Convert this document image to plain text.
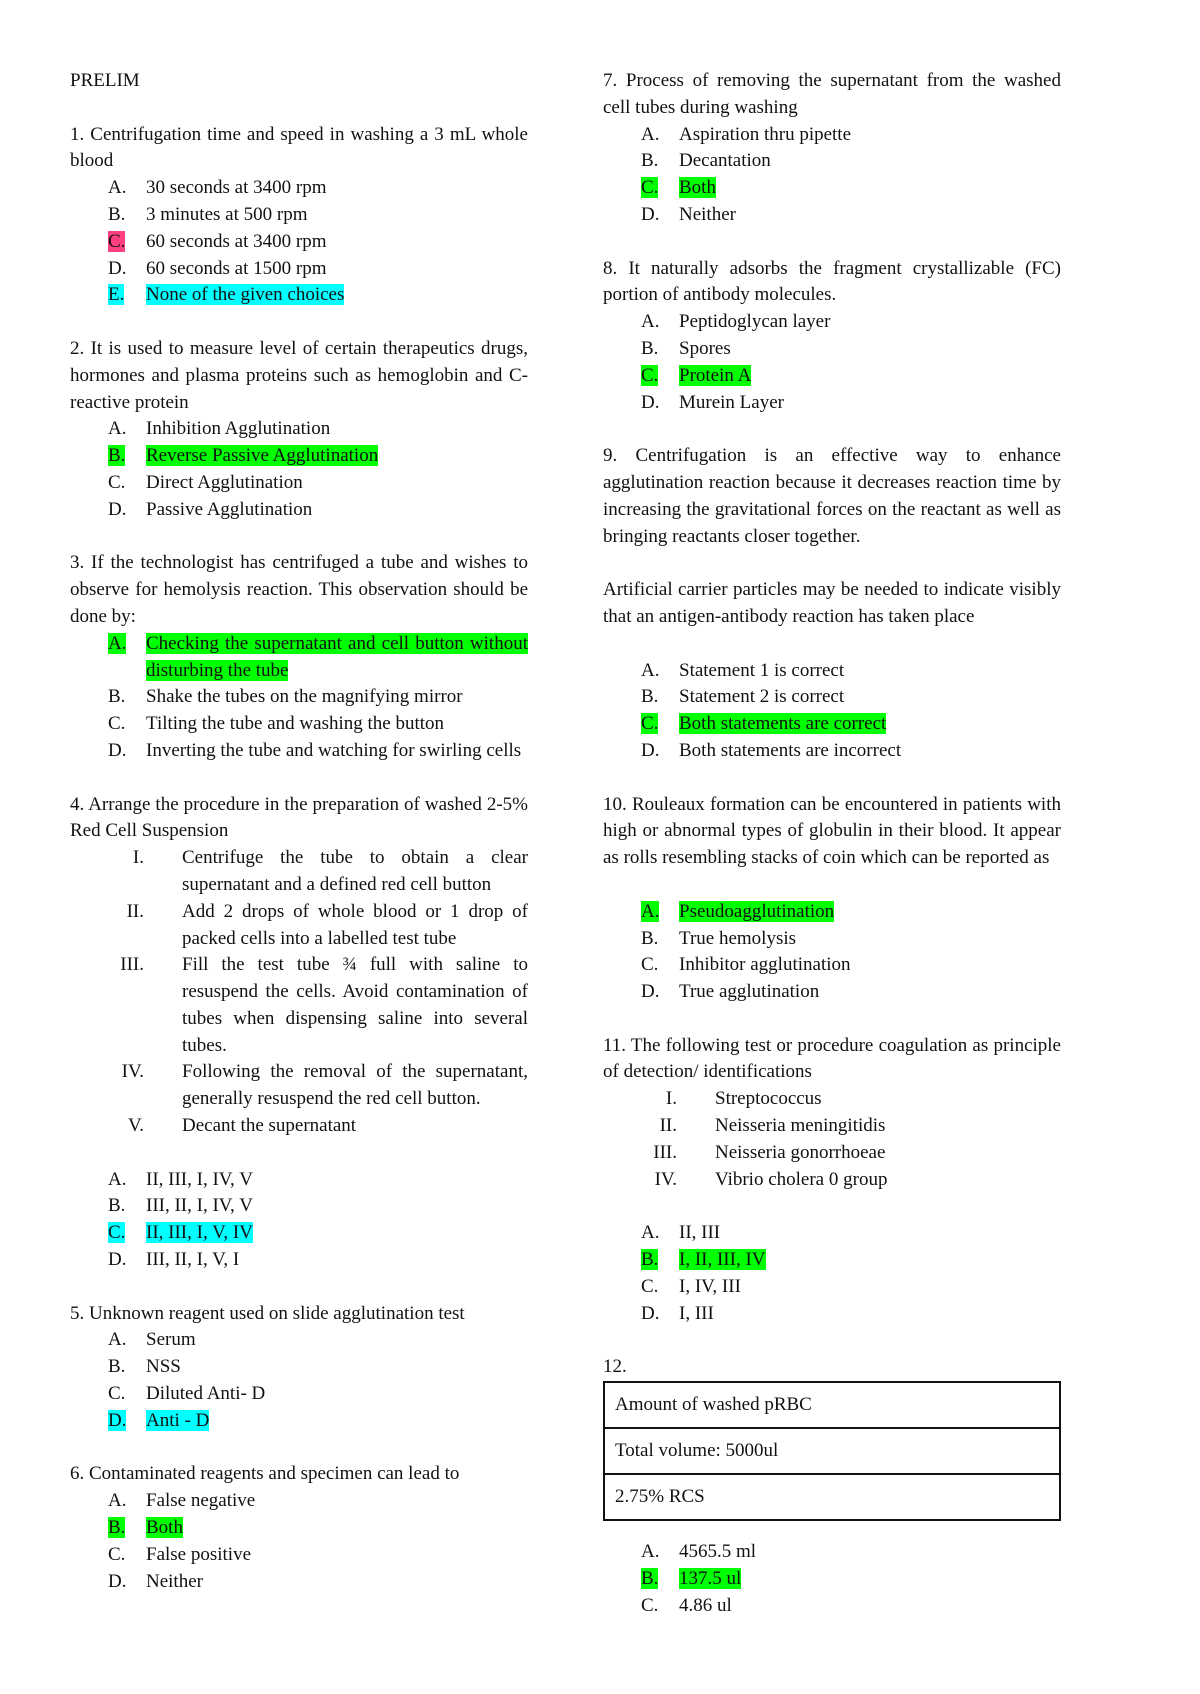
PRELIM
1. Centrifugation time and speed in washing a 3 mL whole blood
A.	30 seconds at 3400 rpm
B.	3 minutes at 500 rpm
C.	60 seconds at 3400 rpm
D.	60 seconds at 1500 rpm
E.	None of the given choices
2. It is used to measure level of certain therapeutics drugs, hormones and plasma proteins such as hemoglobin and C- reactive protein
A.	Inhibition Agglutination
B.	Reverse Passive Agglutination
C.	Direct Agglutination
D.	Passive Agglutination
3. If the technologist has centrifuged a tube and wishes to observe for hemolysis reaction. This observation should be done by:
A.	Checking the supernatant and cell button without disturbing the tube
B.	Shake the tubes on the magnifying mirror
C.	Tilting the tube and washing the button
D.	Inverting the tube and watching for swirling cells
4. Arrange the procedure in the preparation of washed 2-5% Red Cell Suspension
I. Centrifuge the tube to obtain a clear supernatant and a defined red cell button
II. Add 2 drops of whole blood or 1 drop of packed cells into a labelled test tube
III. Fill the test tube ¾ full with saline to resuspend the cells. Avoid contamination of tubes when dispensing saline into several tubes.
IV. Following the removal of the supernatant, generally resuspend the red cell button.
V. Decant the supernatant
A.	II, III, I, IV, V
B.	III, II, I, IV, V
C.	II, III, I, V, IV
D.	III, II, I, V, I
5. Unknown reagent used on slide agglutination test
A.	Serum
B.	NSS
C.	Diluted Anti- D
D.	Anti - D
6. Contaminated reagents and specimen can lead to
A.	False negative
B.	Both
C.	False positive
D.	Neither
7. Process of removing the supernatant from the washed cell tubes during washing
A.	Aspiration thru pipette
B.	Decantation
C.	Both
D.	Neither
8. It naturally adsorbs the fragment crystallizable (FC) portion of antibody molecules.
A.	Peptidoglycan layer
B.	Spores
C.	Protein A
D.	Murein Layer
9. Centrifugation is an effective way to enhance agglutination reaction because it decreases reaction time by increasing the gravitational forces on the reactant as well as bringing reactants closer together.
Artificial carrier particles may be needed to indicate visibly that an antigen-antibody reaction has taken place
A.	Statement 1 is correct
B.	Statement 2 is correct
C.	Both statements are correct
D.	Both statements are incorrect
10. Rouleaux formation can be encountered in patients with high or abnormal types of globulin in their blood. It appear as rolls resembling stacks of coin which can be reported as
A.	Pseudoagglutination
B.	True hemolysis
C.	Inhibitor agglutination
D.	True agglutination
11. The following test or procedure coagulation as principle of detection/ identifications
I. Streptococcus
II. Neisseria meningitidis
III. Neisseria gonorrhoeae
IV. Vibrio cholera 0 group
A.	II, III
B.	I, II, III, IV
C.	I, IV, III
D.	I, III
12.
Amount of washed pRBC
Total volume: 5000ul
2.75% RCS
A.	4565.5 ml
B.	137.5 ul
C.	4.86 ul
